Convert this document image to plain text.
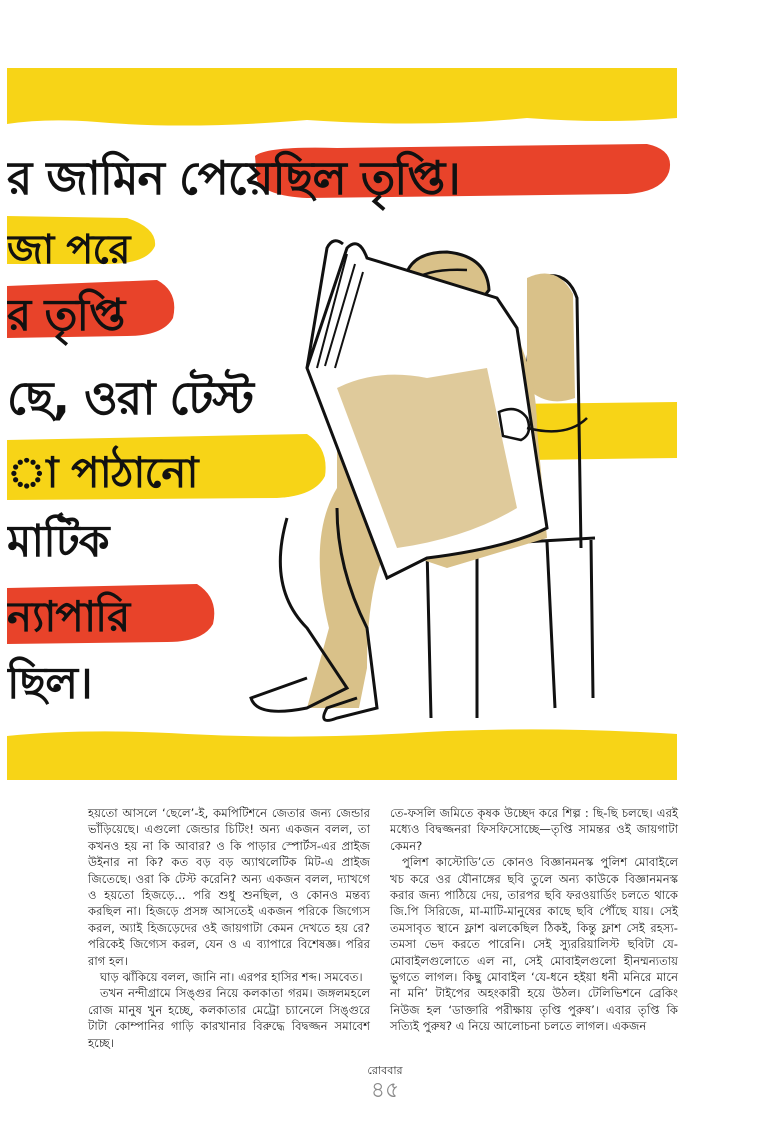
র জামিন পেয়েছিল তৃপ্তি।
জা পরে
র তৃপ্তি
ছে, ওরা টেস্ট
া পাঠানো
মাটিক
ন্যাপারি
ছিল।

হয়তো আসলে ‘ছেলে’-ই, কমপিটিশনে জেতার জন্য জেন্ডার ভাঁড়িয়েছে। এগুলো জেন্ডার চিটিং! অন্য একজন বলল, তা কখনও হয় না কি আবার? ও কি পাড়ার স্পোর্টস-এর প্রাইজ উইনার না কি? কত বড় বড় অ্যাথলেটিক মিট-এ প্রাইজ জিতেছে। ওরা কি টেস্ট করেনি? অন্য একজন বলল, দ্যাখগে ও হয়তো হিজড়ে... পরি শুধু শুনছিল, ও কোনও মন্তব্য করছিল না। হিজড়ে প্রসঙ্গ আসতেই একজন পরিকে জিগ্যেস করল, অ্যাই হিজড়েদের ওই জায়গাটা কেমন দেখতে হয় রে? পরিকেই জিগ্যেস করল, যেন ও এ ব্যাপারে বিশেষজ্ঞ। পরির রাগ হল।

ঘাড় ঝাঁকিয়ে বলল, জানি না। এরপর হাসির শব্দ। সমবেত।

তখন নন্দীগ্রামে সিঙ্গুর নিয়ে কলকাতা গরম। জঙ্গলমহলে রোজ মানুষ খুন হচ্ছে, কলকাতার মেট্রো চ্যানেলে সিঙ্গুরে টাটা কোম্পানির গাড়ি কারখানার বিরুদ্ধে বিদ্বজ্জন সমাবেশ হচ্ছে।

তে-ফসলি জমিতে কৃষক উচ্ছেদ করে শিল্প : ছি-ছি চলছে। এরই মধ্যেও বিদ্বজ্জনরা ফিসফিসোচ্ছে—তৃপ্তি সামন্তর ওই জায়গাটা কেমন?

পুলিশ কাস্টোডি’তে কোনও বিজ্ঞানমনস্ক পুলিশ মোবাইলে খচ করে ওর যৌনাঙ্গের ছবি তুলে অন্য কাউকে বিজ্ঞানমনস্ক করার জন্য পাঠিয়ে দেয়, তারপর ছবি ফরওয়ার্ডিং চলতে থাকে জি.পি সিরিজে, মা-মাটি-মানুষের কাছে ছবি পৌঁছে যায়। সেই তমসাবৃত স্থানে ফ্লাশ ঝলকেছিল ঠিকই, কিন্তু ফ্লাশ সেই রহস্য-তমসা ভেদ করতে পারেনি। সেই স্যুররিয়ালিস্ট ছবিটা যে-মোবাইলগুলোতে এল না, সেই মোবাইলগুলো হীনম্মন্যতায় ভুগতে লাগল। কিছু মোবাইল ‘যে-ধনে হইয়া ধনী মনিরে মানে না মনি’ টাইপের অহংকারী হয়ে উঠল। টেলিভিশনে ব্রেকিং নিউজ হল ‘ডাক্তারি পরীক্ষায় তৃপ্তি পুরুষ’। এবার তৃপ্তি কি সত্যিই পুরুষ? এ নিয়ে আলোচনা চলতে লাগল। একজন

রোববার
৪৫
